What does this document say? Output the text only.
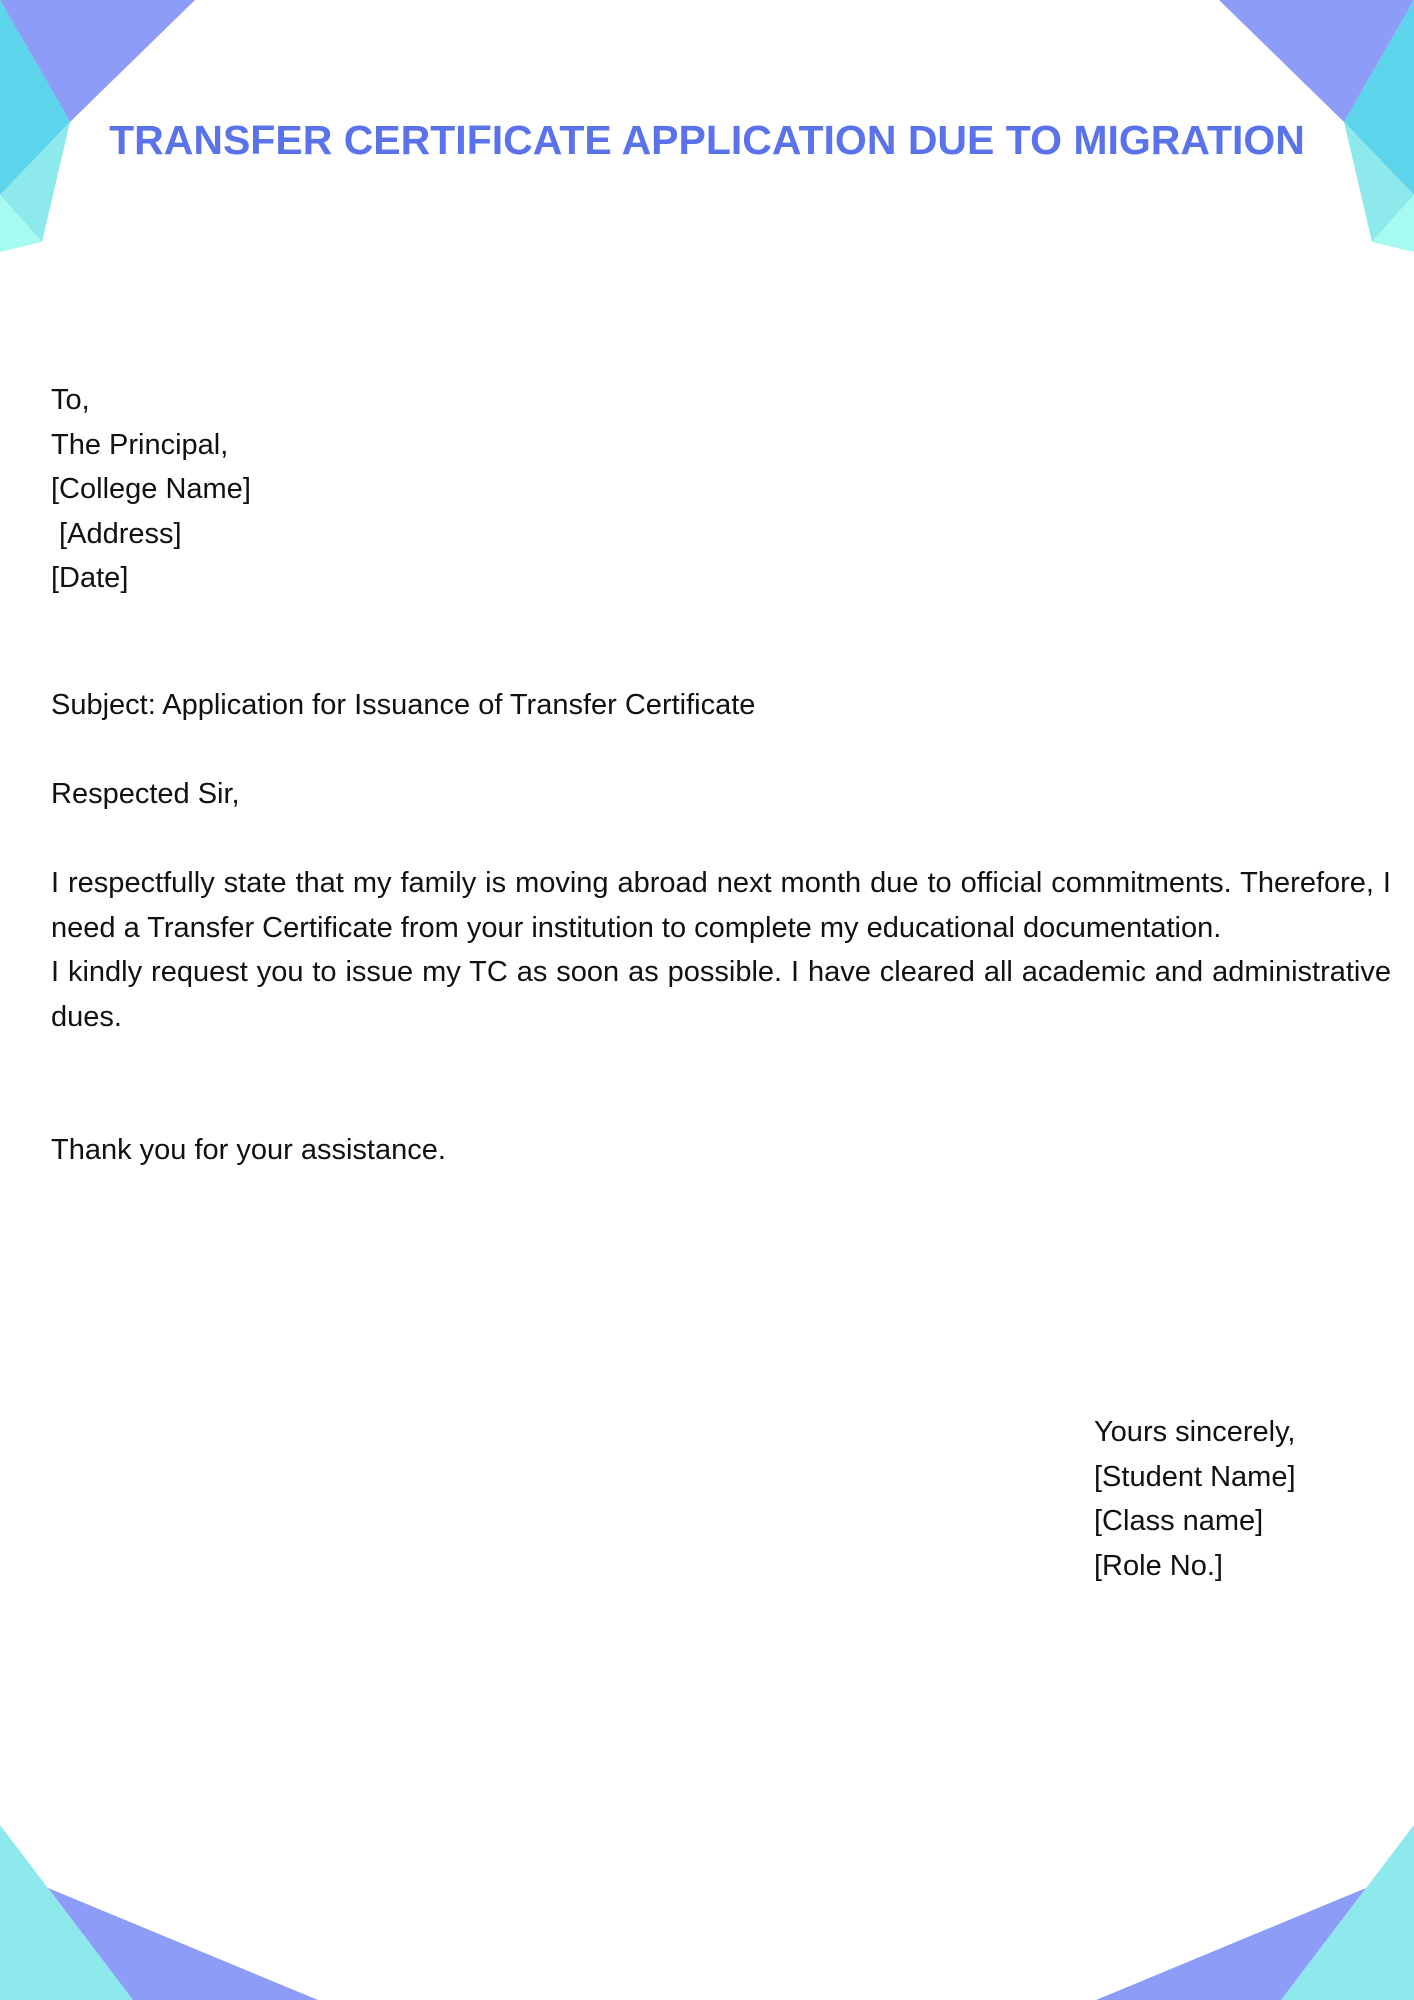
TRANSFER CERTIFICATE APPLICATION DUE TO MIGRATION
To,
The Principal,
[College Name]
[Address]
[Date]
Subject: Application for Issuance of Transfer Certificate
Respected Sir,

I respectfully state that my family is moving abroad next month due to official commitments. Therefore, I need a Transfer Certificate from your institution to complete my educational documentation.

I kindly request you to issue my TC as soon as possible. I have cleared all academic and administrative dues.

Thank you for your assistance.
Yours sincerely,
[Student Name]
[Class name]
[Role No.]
